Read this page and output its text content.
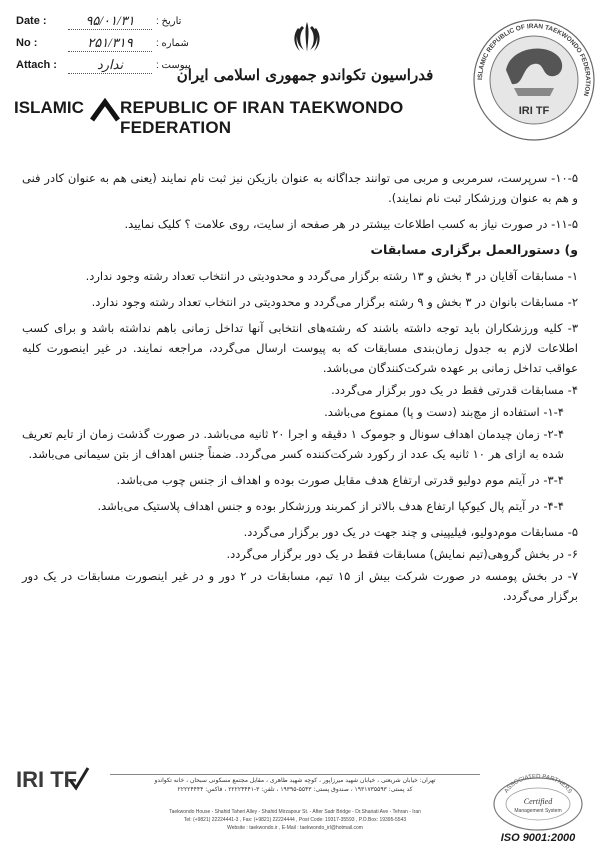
Date :	۹۵/۰۱/۳۱	تاریخ :
No :	۲۵۱/۳۱۹	شماره :
Attach :	ندارد	پیوست :
فدراسیون تکواندو جمهوری اسلامی ایران
ISLAMIC REPUBLIC OF IRAN TAEKWONDO FEDERATION
ISLAMIC REPUBLIC OF IRAN TAEKWONDO FEDERATION
IRI TF

۱۰-۵- سرپرست، سرمربی و مربی می توانند جداگانه به عنوان بازیکن نیز ثبت نام نمایند (یعنی هم به عنوان کادر فنی و هم به عنوان ورزشکار ثبت نام نمایند).

۱۱-۵- در صورت نیاز به کسب اطلاعات بیشتر در هر صفحه از سایت، روی علامت ؟ کلیک نمایید.

و) دستورالعمل برگزاری مسابقات

۱- مسابقات آقایان در ۴ بخش و ۱۳ رشته برگزار می‌گردد و محدودیتی در انتخاب تعداد رشته وجود ندارد.

۲- مسابقات بانوان در ۳ بخش و ۹ رشته برگزار می‌گردد و محدودیتی در انتخاب تعداد رشته وجود ندارد.

۳- کلیه ورزشکاران باید توجه داشته باشند که رشته‌های انتخابی آنها تداخل زمانی باهم نداشته باشد و برای کسب اطلاعات لازم به جدول زمان‌بندی مسابقات که به پیوست ارسال می‌گردد، مراجعه نمایند. در غیر اینصورت کلیه عواقب تداخل زمانی بر عهده شرکت‌کنندگان می‌باشد.

۴- مسابقات قدرتی فقط در یک دور برگزار می‌گردد.

۱-۴- استفاده از مچ‌بند (دست و پا) ممنوع می‌باشد.

۲-۴- زمان چیدمان اهداف سونال و جوموک ۱ دقیقه و اجرا ۲۰ ثانیه می‌باشد. در صورت گذشت زمان از تایم تعریف شده به ازای هر ۱۰ ثانیه یک عدد از رکورد شرکت‌کننده کسر می‌گردد. ضمناً جنس اهداف از بتن سیمانی می‌باشد.

۳-۴- در آیتم موم دولیو قدرتی ارتفاع هدف مقابل صورت بوده و اهداف از جنس چوب می‌باشد.

۴-۴- در آیتم پال کیوکپا ارتفاع هدف بالاتر از کمربند ورزشکار بوده و جنس اهداف پلاستیک می‌باشد.

۵- مسابقات موم‌دولیو، فیلیپینی و چند جهت در یک دور برگزار می‌گردد.

۶- در بخش گروهی(تیم نمایش) مسابقات فقط در یک دور برگزار می‌گردد.

۷- در بخش پومسه در صورت شرکت بیش از ۱۵ تیم، مسابقات در ۲ دور و در غیر اینصورت مسابقات در یک دور برگزار می‌گردد.

IRI TF	تهران: خیابان شریعتی ، خیابان شهید میرزاپور ، کوچه شهید طاهری ، مقابل مجتمع مسکونی سبحان ، خانه تکواندو
کد پستی: ۱۹۳۱۷۳۵۵۹۳ ، صندوق پستی: ۵۵۴۳-۱۹۳۹۵ ، تلفن: ۳-۲۲۲۲۴۴۴۱ ، فاکس: ۲۲۲۲۴۴۴۴
Taekwondo House - Shahid Taheri Alley - Shahid Mirzapour St. - After Sadr Bridge - Dr.Shariati Ave - Tehran - Iran
Tel: (+9821) 22224441-3 , Fax: (+9821) 22224444 , Post Code: 19317-35593 , P.O.Box: 19395-5543
Website : taekwondo.ir , E-Mail : taekwondo_irl@hotmail.com
ASSOCIATED PARTNERS
Certified
Management System
ISO 9001:2000
